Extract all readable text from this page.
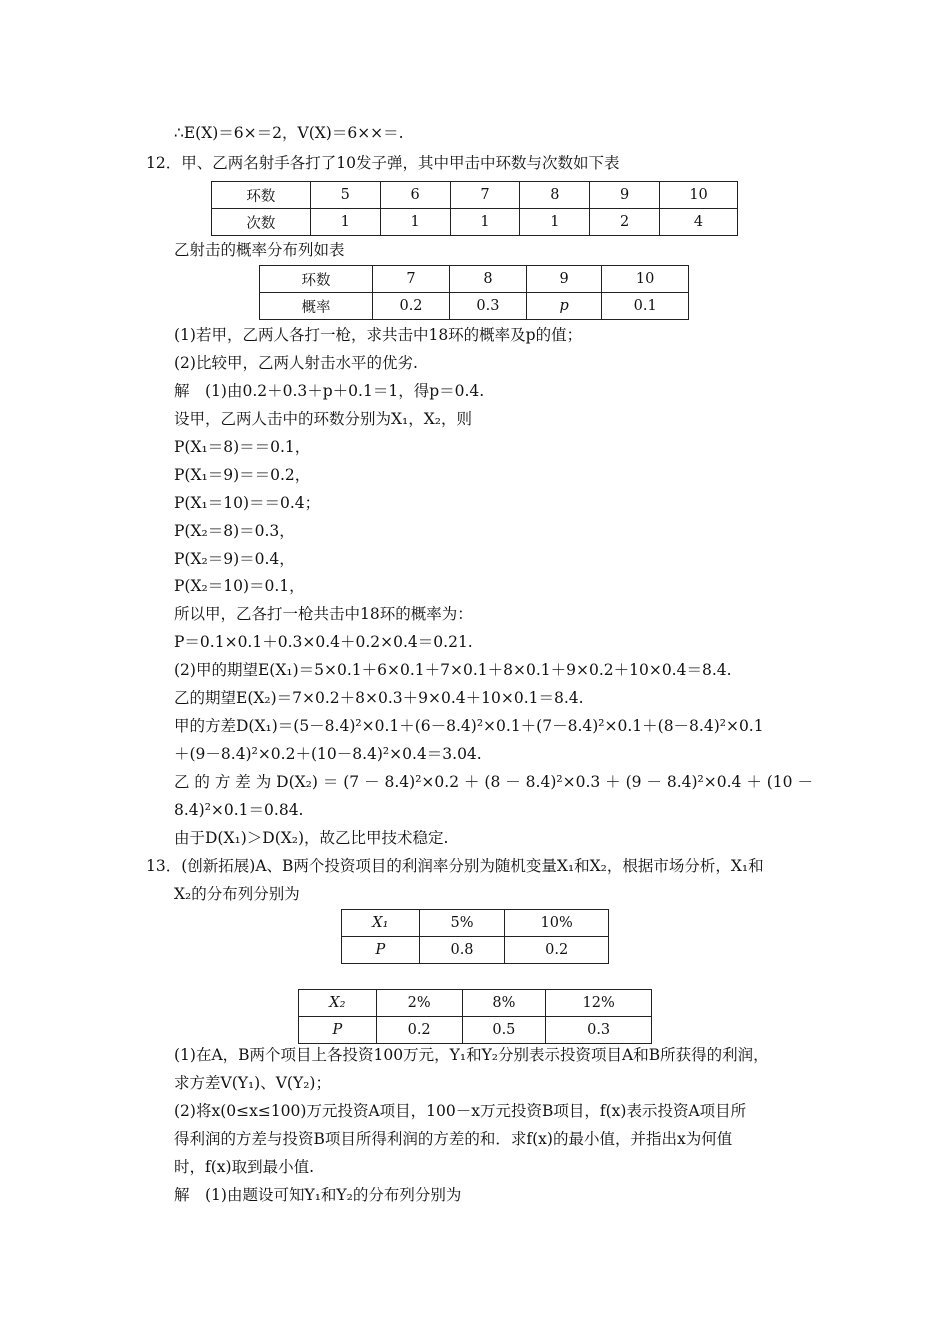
∴E(X)＝6×＝2，V(X)＝6××＝.
12．甲、乙两名射手各打了10发子弹，其中甲击中环数与次数如下表
环数	5	6	7	8	9	10
次数	1	1	1	1	2	4
乙射击的概率分布列如表
环数	7	8	9	10
概率	0.2	0.3	p	0.1
(1)若甲，乙两人各打一枪，求共击中18环的概率及p的值；
(2)比较甲，乙两人射击水平的优劣.
解　(1)由0.2＋0.3＋p＋0.1＝1，得p＝0.4.
设甲，乙两人击中的环数分别为X₁，X₂，则
P(X₁＝8)＝＝0.1，
P(X₁＝9)＝＝0.2，
P(X₁＝10)＝＝0.4；
P(X₂＝8)＝0.3，
P(X₂＝9)＝0.4，
P(X₂＝10)＝0.1，
所以甲，乙各打一枪共击中18环的概率为：
P＝0.1×0.1＋0.3×0.4＋0.2×0.4＝0.21.
(2)甲的期望E(X₁)＝5×0.1＋6×0.1＋7×0.1＋8×0.1＋9×0.2＋10×0.4＝8.4.
乙的期望E(X₂)＝7×0.2＋8×0.3＋9×0.4＋10×0.1＝8.4.
甲的方差D(X₁)＝(5－8.4)²×0.1＋(6－8.4)²×0.1＋(7－8.4)²×0.1＋(8－8.4)²×0.1
＋(9－8.4)²×0.2＋(10－8.4)²×0.4＝3.04.
乙 的 方 差 为 D(X₂) ＝ (7 － 8.4)²×0.2 ＋ (8 － 8.4)²×0.3 ＋ (9 － 8.4)²×0.4 ＋ (10 －
8.4)²×0.1＝0.84.
由于D(X₁)＞D(X₂)，故乙比甲技术稳定.
13．(创新拓展)A、B两个投资项目的利润率分别为随机变量X₁和X₂，根据市场分析，X₁和
X₂的分布列分别为
X₁	5%	10%
P	0.8	0.2
X₂	2%	8%	12%
P	0.2	0.5	0.3
(1)在A，B两个项目上各投资100万元，Y₁和Y₂分别表示投资项目A和B所获得的利润，
求方差V(Y₁)、V(Y₂)；
(2)将x(0≤x≤100)万元投资A项目，100－x万元投资B项目，f(x)表示投资A项目所
得利润的方差与投资B项目所得利润的方差的和．求f(x)的最小值，并指出x为何值
时，f(x)取到最小值.
解　(1)由题设可知Y₁和Y₂的分布列分别为
